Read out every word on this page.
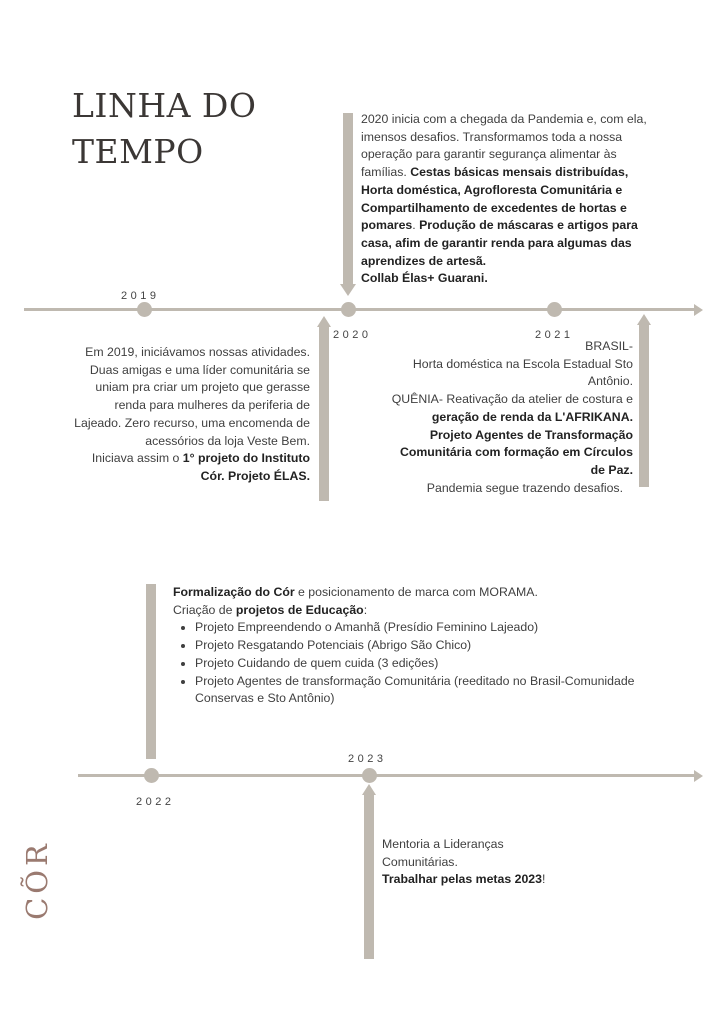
LINHA DO
TEMPO
2019
2020	2021
2020 inicia com a chegada da Pandemia e, com ela, imensos desafios. Transformamos toda a nossa operação para garantir segurança alimentar às famílias. Cestas básicas mensais distribuídas, Horta doméstica, Agrofloresta Comunitária e Compartilhamento de excedentes de hortas e pomares. Produção de máscaras e artigos para casa, afim de garantir renda para algumas das aprendizes de artesã.
Collab Élas+ Guarani.
Em 2019, iniciávamos nossas atividades. Duas amigas e uma líder comunitária se uniam pra criar um projeto que gerasse renda para mulheres da periferia de Lajeado. Zero recurso, uma encomenda de acessórios da loja Veste Bem.
Iniciava assim o 1° projeto do Instituto Cór. Projeto ÉLAS.
BRASIL-
Horta doméstica na Escola Estadual Sto Antônio.
QUÊNIA- Reativação da atelier de costura e geração de renda da L'AFRIKANA. Projeto Agentes de Transformação Comunitária com formação em Círculos de Paz.
Pandemia segue trazendo desafios.
Formalização do Cór e posicionamento de marca com MORAMA.
Criação de projetos de Educação:
• Projeto Empreendendo o Amanhã (Presídio Feminino Lajeado)
• Projeto Resgatando Potenciais (Abrigo São Chico)
• Projeto Cuidando de quem cuida (3 edições)
• Projeto Agentes de transformação Comunitária (reeditado no Brasil-Comunidade Conservas e Sto Antônio)
2022
2023
Mentoria a Lideranças
Comunitárias.
Trabalhar pelas metas 2023!
CÕR
